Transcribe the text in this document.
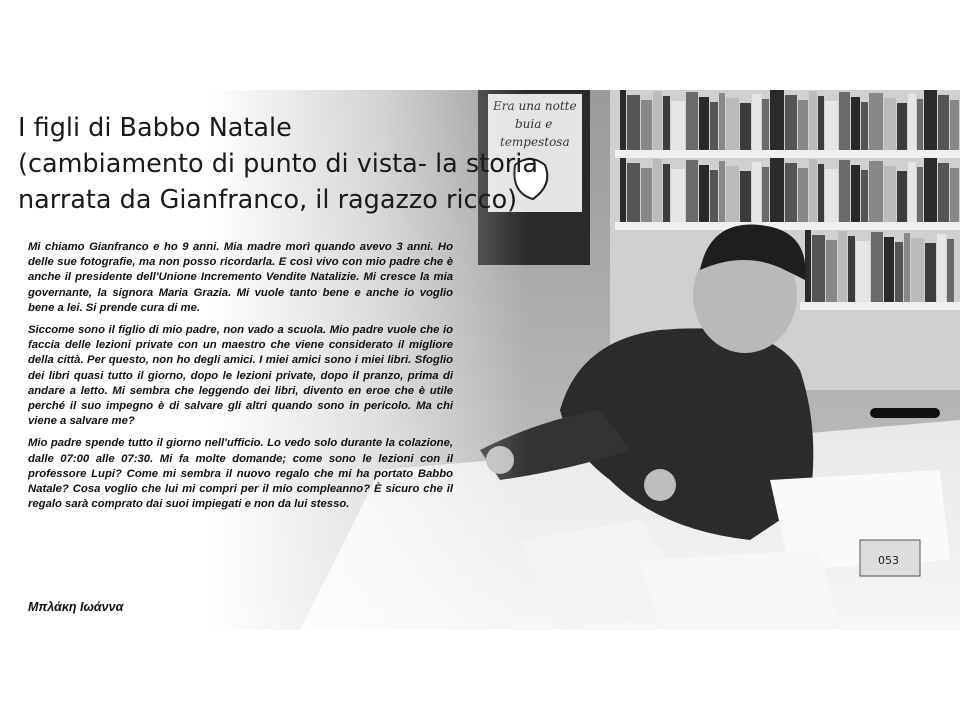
I figli di Babbo Natale
(cambiamento di punto di vista- la storia
narrata da Gianfranco, il ragazzo ricco)

Mi chiamo Gianfranco e ho 9 anni. Mia madre morì quando avevo 3 anni. Ho delle sue fotografie, ma non posso ricordarla. E così vivo con mio padre che è anche il presidente dell'Unione Incremento Vendite Natalizie. Mi cresce la mia governante, la signora Maria Grazia. Mi vuole tanto bene e anche io voglio bene a lei. Si prende cura di me.

Siccome sono il figlio di mio padre, non vado a scuola. Mio padre vuole che io faccia delle lezioni private con un maestro che viene considerato il migliore della città. Per questo, non ho degli amici. I miei amici sono i miei libri. Sfoglio dei libri quasi tutto il giorno, dopo le lezioni private, dopo il pranzo, prima di andare a letto. Mi sembra che leggendo dei libri, divento en eroe che è utile perché il suo impegno è di salvare gli altri quando sono in pericolo. Ma chi viene a salvare me?

Mio padre spende tutto il giorno nell'ufficio. Lo vedo solo durante la colazione, dalle 07:00 alle 07:30. Mi fa molte domande; come sono le lezioni con il professore Lupi? Come mi sembra il nuovo regalo che mi ha portato Babbo Natale? Cosa voglio che lui mi compri per il mio compleanno? È sicuro che il regalo sarà comprato dai suoi impiegati e non da lui stesso.

Μπλάκη Ιωάννα
